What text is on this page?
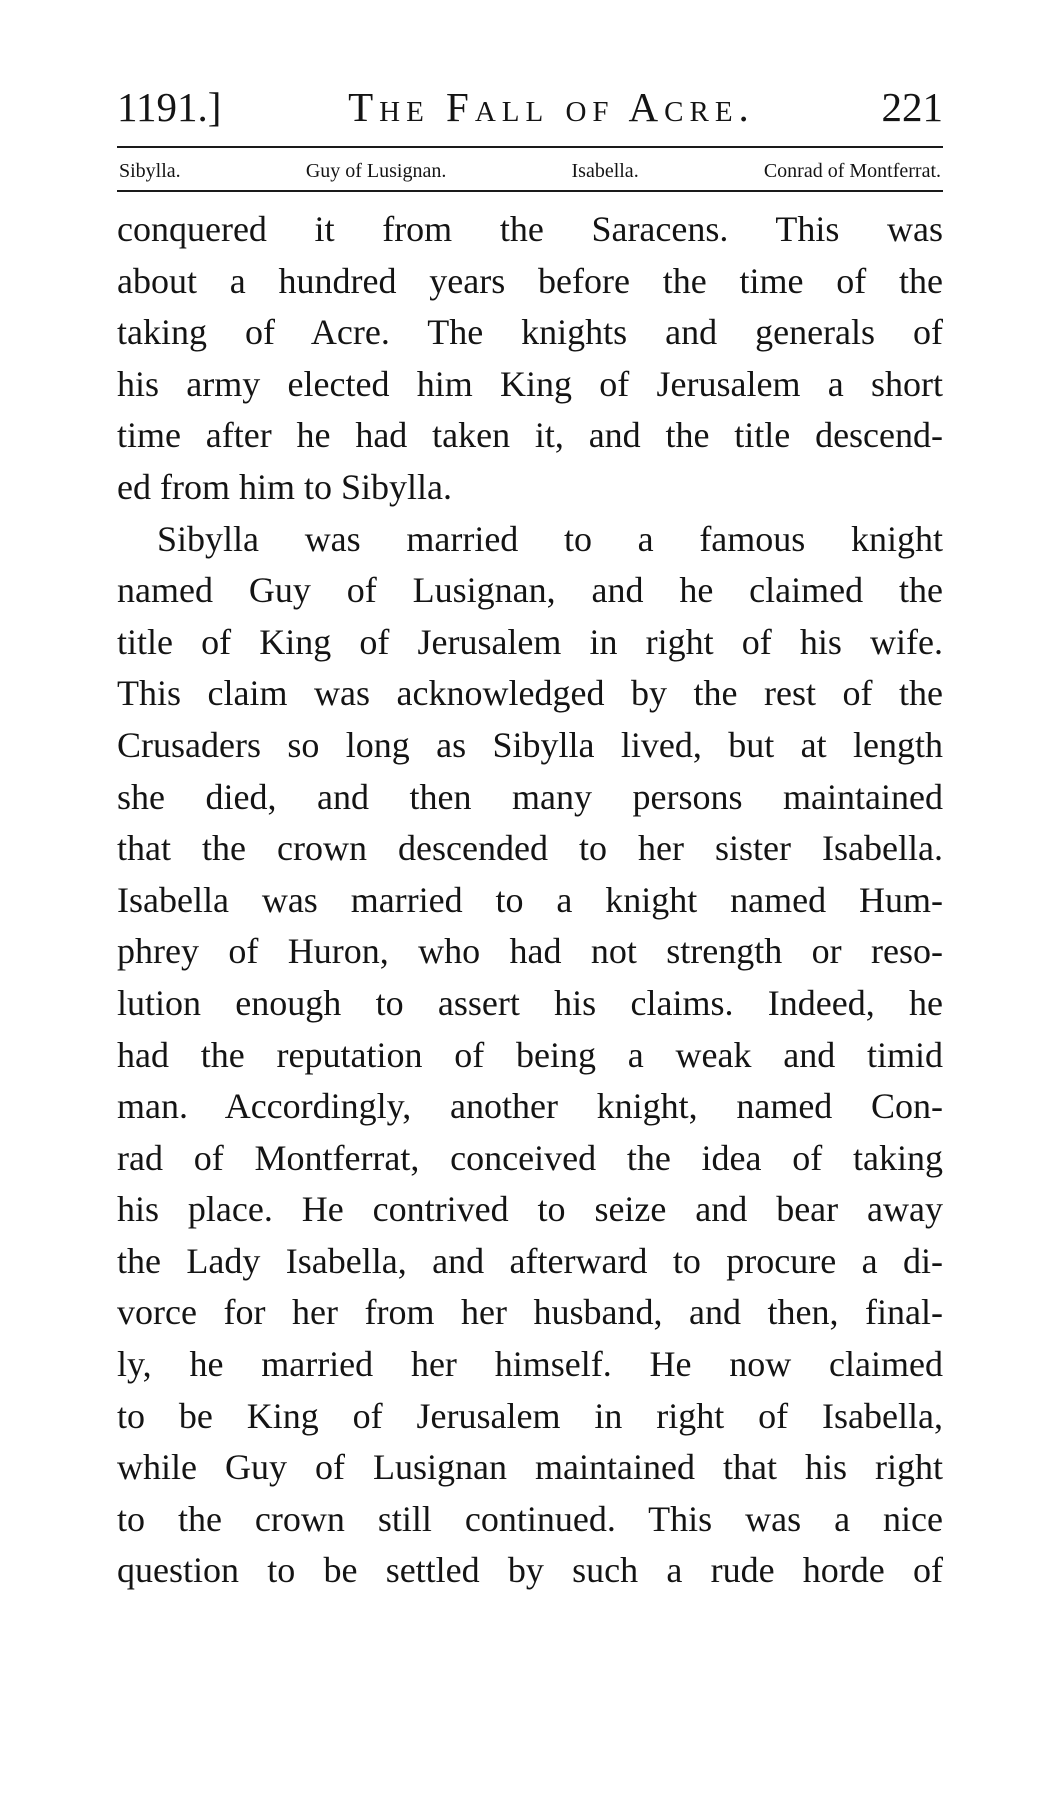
1191.]	The Fall of Acre.	221
Sibylla.	Guy of Lusignan.	Isabella.	Conrad of Montferrat.
conquered it from the Saracens. This was
about a hundred years before the time of the
taking of Acre. The knights and generals of
his army elected him King of Jerusalem a short
time after he had taken it, and the title descend-
ed from him to Sibylla.
Sibylla was married to a famous knight
named Guy of Lusignan, and he claimed the
title of King of Jerusalem in right of his wife.
This claim was acknowledged by the rest of the
Crusaders so long as Sibylla lived, but at length
she died, and then many persons maintained
that the crown descended to her sister Isabella.
Isabella was married to a knight named Hum-
phrey of Huron, who had not strength or reso-
lution enough to assert his claims. Indeed, he
had the reputation of being a weak and timid
man. Accordingly, another knight, named Con-
rad of Montferrat, conceived the idea of taking
his place. He contrived to seize and bear away
the Lady Isabella, and afterward to procure a di-
vorce for her from her husband, and then, final-
ly, he married her himself. He now claimed
to be King of Jerusalem in right of Isabella,
while Guy of Lusignan maintained that his right
to the crown still continued. This was a nice
question to be settled by such a rude horde of
